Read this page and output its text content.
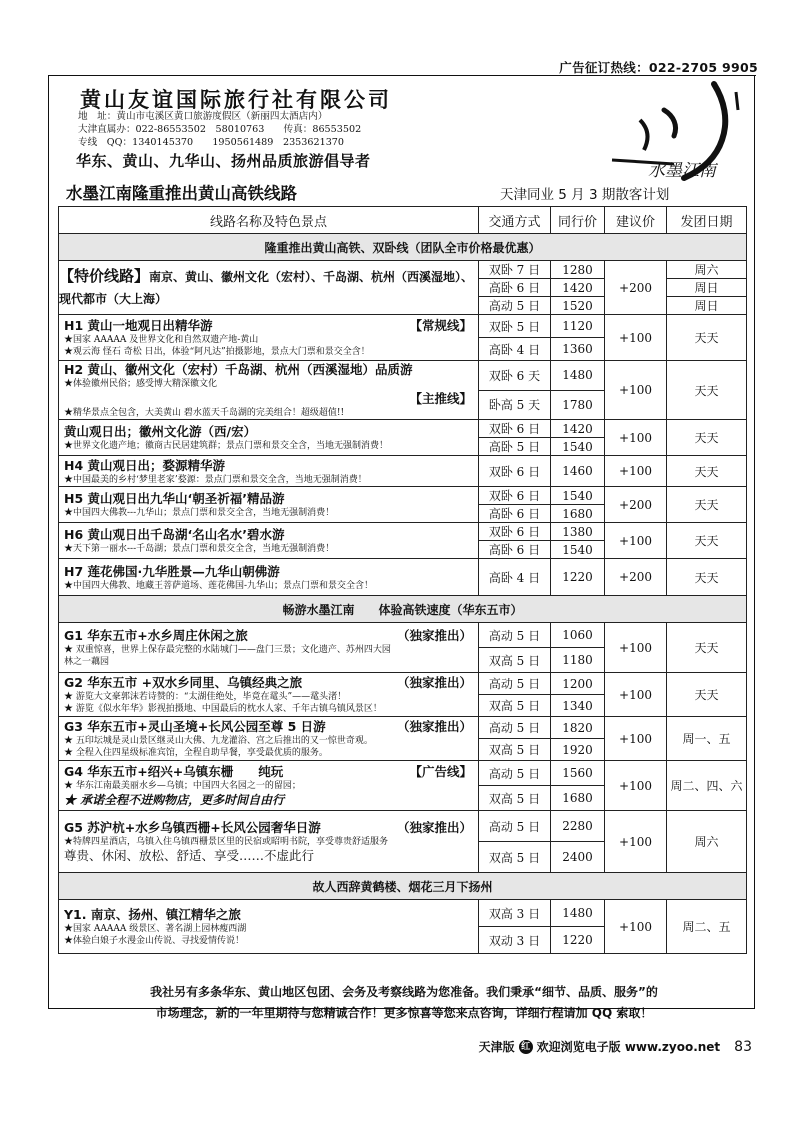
广告征订热线：022-2705 9905
黄山友谊国际旅行社有限公司
地　址：黄山市屯溪区黄口旅游度假区（新丽四太酒店内）
大津直属办：022-86553502　58010763　　传真：86553502
专线　QQ：1340145370　　1950561489　2353621370
华东、黄山、九华山、扬州品质旅游倡导者	水墨江南
水墨江南隆重推出黄山高铁线路	天津同业 5 月 3 期散客计划
线路名称及特色景点	交通方式	同行价	建议价	发团日期
隆重推出黄山高铁、双卧线（团队全市价格最优惠）				
【特价线路】南京、黄山、徽州文化（宏村）、千岛湖、杭州（西溪湿地）、现代都市（大上海）	双卧 7 日	1280	+200	周六
	高卧 6 日	1420		周日
	高动 5 日	1520		周日

H1 黄山一地观日出精华游 【常规线】
★国家 AAAAA 及世界文化和自然双遗产地-黄山
★观云海 怪石 奇松 日出，体验“阿凡达”拍摄影地，景点大门票和景交全含！	双卧 5 日	1120	+100	天天
	高卧 4 日	1360		

H2 黄山、徽州文化（宏村）千岛湖、杭州（西溪湿地）品质游
★体验徽州民俗；感受博大精深徽文化
【主推线】
★精华景点全包含，大美黄山 碧水蓝天千岛湖的完美组合！超级超值!!	双卧 6 天	1480	+100	天天
	卧高 5 天	1780		

黄山观日出；徽州文化游（西/宏）
★世界文化遗产地；徽商古民居建筑群；景点门票和景交全含，当地无强制消费！	双卧 6 日	1420	+100	天天
	高卧 5 日	1540		

H4 黄山观日出；婺源精华游
★中国最美的乡村‘梦里老家’婺源：景点门票和景交全含，当地无强制消费！	双卧 6 日	1460	+100	天天

H5 黄山观日出九华山‘朝圣祈福’精品游
★中国四大佛教---九华山；景点门票和景交全含，当地无强制消费！	双卧 6 日	1540	+200	天天
	高卧 6 日	1680		

H6 黄山观日出千岛湖‘名山名水’碧水游
★天下第一丽水---千岛湖；景点门票和景交全含，当地无强制消费！	双卧 6 日	1380	+100	天天
	高卧 6 日	1540		

H7 莲花佛国·九华胜景—九华山朝佛游
★中国四大佛教、地藏王菩萨道场、莲花佛国-九华山；景点门票和景交全含！	高卧 4 日	1220	+200	天天
畅游水墨江南　　体验高铁速度（华东五市）				

G1 华东五市+水乡周庄休闲之旅 （独家推出）
★ 双重惊喜，世界上保存最完整的水陆城门——盘门三景；文化遗产、苏州四大园
林之一藕园	高动 5 日	1060	+100	天天
	双高 5 日	1180		

G2 华东五市 +双水乡同里、乌镇经典之旅 （独家推出）
★ 游览大文豪郭沫若诗赞的：“太湖佳绝处，毕竟在鼋头”——鼋头渚！
★ 游览《似水年华》影视拍摄地、中国最后的枕水人家、千年古镇乌镇风景区！	高动 5 日	1200	+100	天天
	双高 5 日	1340		

G3 华东五市+灵山圣境+长风公园至尊 5 日游 （独家推出）
★ 五印坛城是灵山景区继灵山大佛、九龙灌浴、宫之后推出的又一惊世奇观。
★ 全程入住四星级标准宾馆，全程自助早餐，享受最优质的服务。	高动 5 日	1820	+100	周一、五
	双高 5 日	1920		

G4 华东五市+绍兴+乌镇东栅　　纯玩 【广告线】
★ 华东江南最美丽水乡—乌镇；中国四大名园之一的留园；
★ 承诺全程不进购物店，更多时间自由行	高动 5 日	1560	+100	周二、四、六
	双高 5 日	1680		

G5 苏沪杭+水乡乌镇西栅+长风公园奢华日游 （独家推出）
★特牌四星酒店，乌镇入住乌镇西栅景区里的民宿或昭明书院，享受尊贵舒适服务
尊贵、休闲、放松、舒适、享受……不虚此行	高动 5 日	2280	+100	周六
	双高 5 日	2400		
故人西辞黄鹤楼、烟花三月下扬州				

Y1. 南京、扬州、镇江精华之旅
★国家 AAAAA 级景区、著名湖上园林瘦西湖
★体验白娘子水漫金山传说、寻找爱情传说！	双高 3 日	1480	+100	周二、五
	双动 3 日	1220		
我社另有多条华东、黄山地区包团、会务及考察线路为您准备。我们秉承“细节、品质、服务”的
市场理念，新的一年里期待与您精诚合作！更多惊喜等您来点咨询，详细行程请加 QQ 索取！
天津版 红 欢迎浏览电子版 www.zyoo.net 83
